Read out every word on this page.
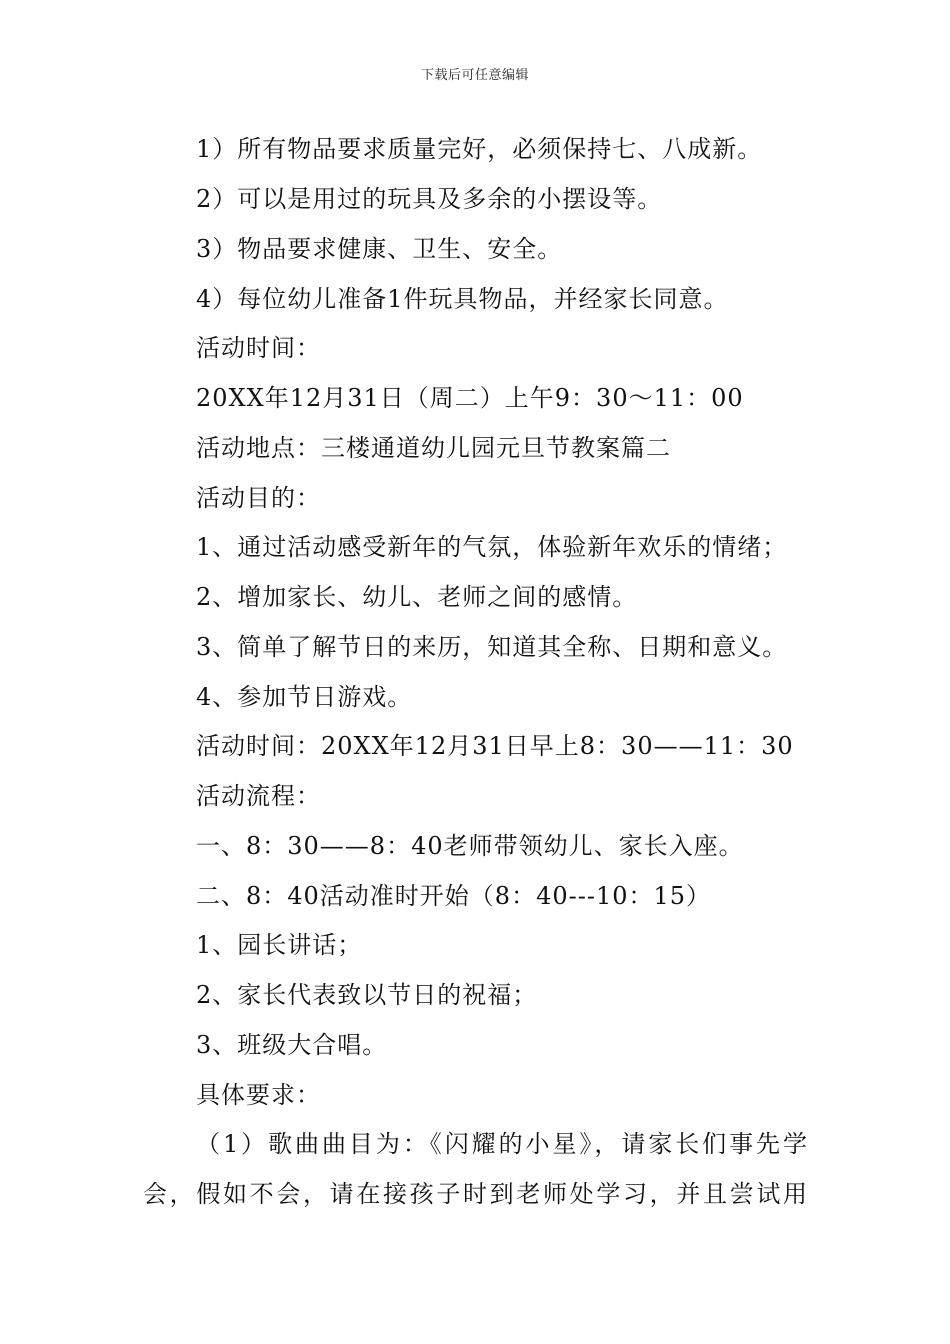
下载后可任意编辑
1）所有物品要求质量完好，必须保持七、八成新。
2）可以是用过的玩具及多余的小摆设等。
3）物品要求健康、卫生、安全。
4）每位幼儿准备1件玩具物品，并经家长同意。
活动时间：
20XX年12月31日（周二）上午9：30～11：00
活动地点：三楼通道幼儿园元旦节教案篇二
活动目的：
1、通过活动感受新年的气氛，体验新年欢乐的情绪；
2、增加家长、幼儿、老师之间的感情。
3、简单了解节日的来历，知道其全称、日期和意义。
4、参加节日游戏。
活动时间：20XX年12月31日早上8：30——11：30
活动流程：
一、8：30——8：40老师带领幼儿、家长入座。
二、8：40活动准时开始（8：40---10：15）
1、园长讲话；
2、家长代表致以节日的祝福；
3、班级大合唱。
具体要求：
（1）歌曲曲目为：《闪耀的小星》，请家长们事先学会，假如不会，请在接孩子时到老师处学习，并且尝试用
